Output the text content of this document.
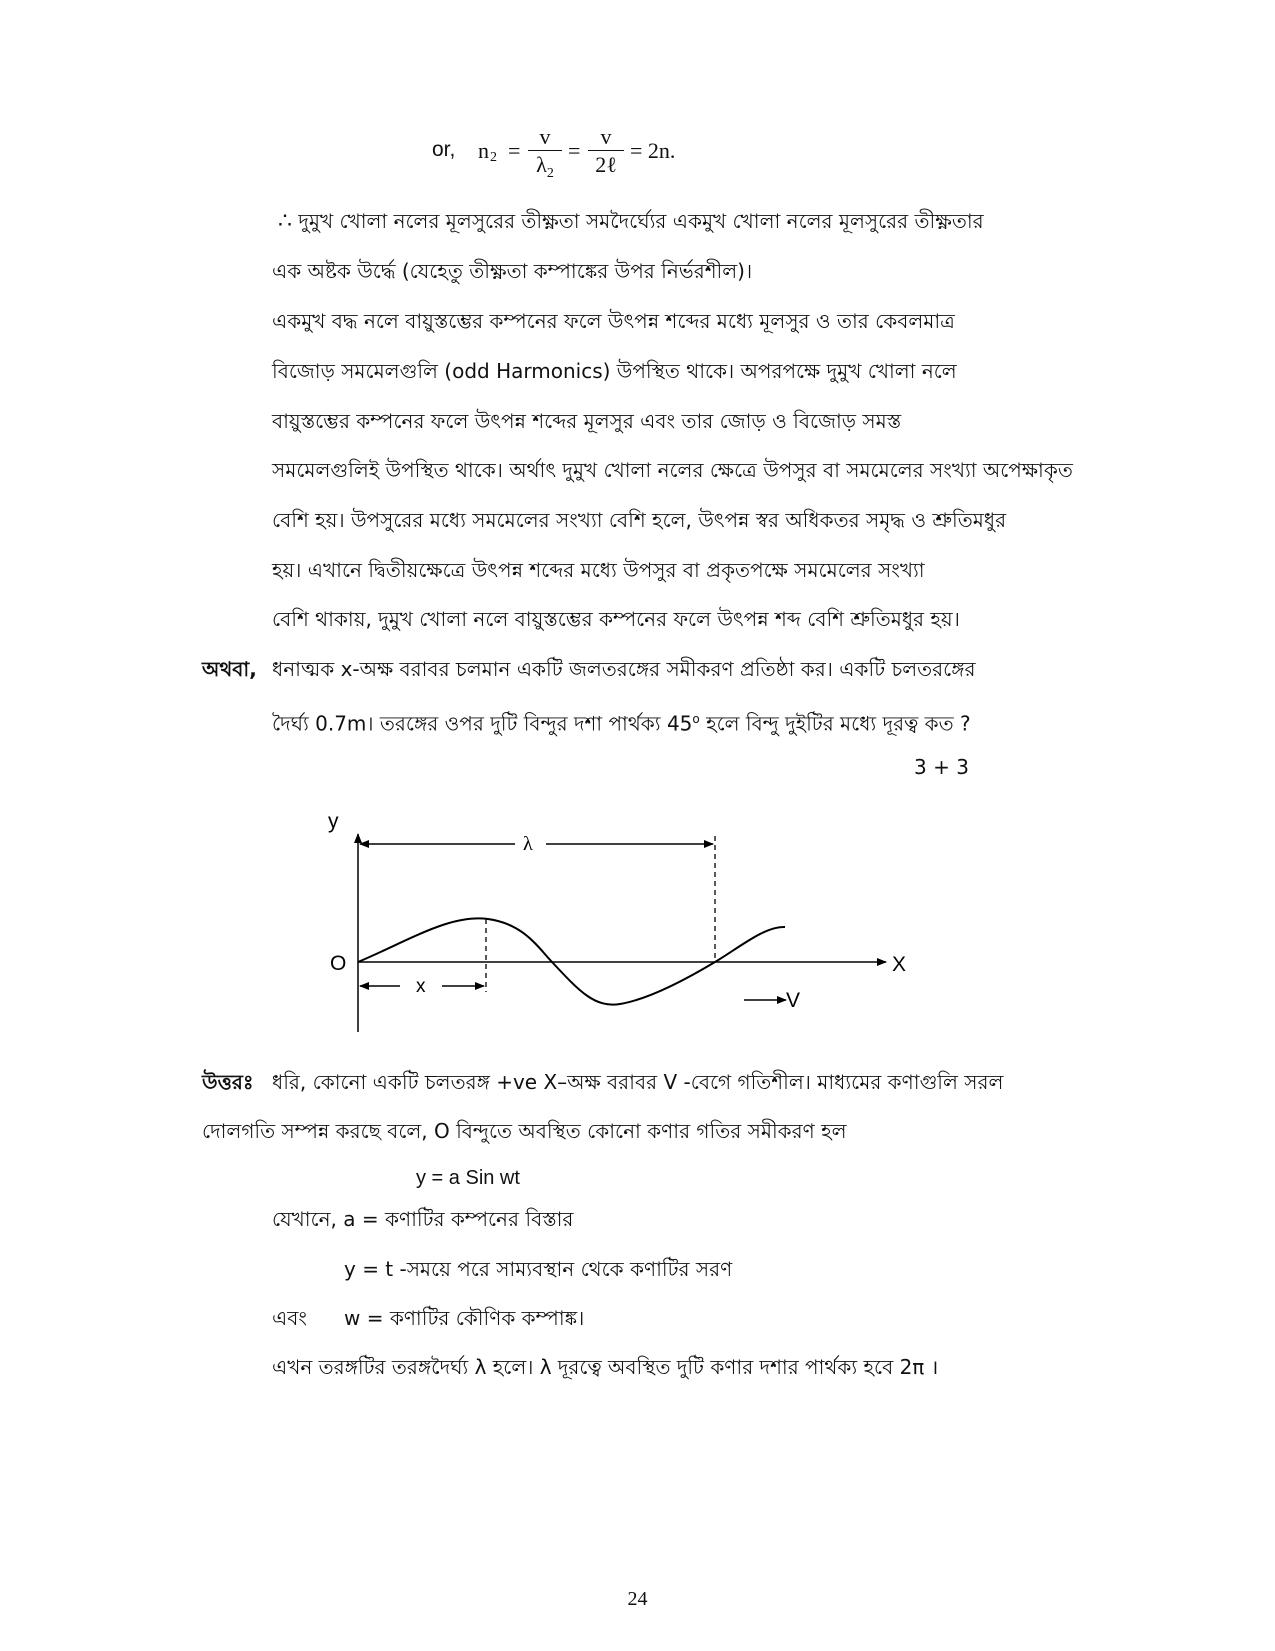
or, n $2 = \frac{v}{\lambda_2}$ =
v
2ℓ
= 2n.
∴ দুমুখ খোলা নলের মূলসুরের তীক্ষ্ণতা সমদৈর্ঘ্যের একমুখ খোলা নলের মূলসুরের তীক্ষ্ণতার
এক অষ্টক উর্দ্ধে (যেহেতু তীক্ষ্ণতা কম্পাঙ্কের উপর নির্ভরশীল)।
একমুখ বদ্ধ নলে বায়ুস্তম্ভের কম্পনের ফলে উৎপন্ন শব্দের মধ্যে মূলসুর ও তার কেবলমাত্র
বিজোড় সমমেলগুলি (odd Harmonics) উপস্থিত থাকে। অপরপক্ষে দুমুখ খোলা নলে
বায়ুস্তম্ভের কম্পনের ফলে উৎপন্ন শব্দের মূলসুর এবং তার জোড় ও বিজোড় সমস্ত
সমমেলগুলিই উপস্থিত থাকে। অর্থাৎ দুমুখ খোলা নলের ক্ষেত্রে উপসুর বা সমমেলের সংখ্যা অপেক্ষাকৃত
বেশি হয়। উপসুরের মধ্যে সমমেলের সংখ্যা বেশি হলে, উৎপন্ন স্বর অধিকতর সমৃদ্ধ ও শ্রুতিমধুর
হয়। এখানে দ্বিতীয়ক্ষেত্রে উৎপন্ন শব্দের মধ্যে উপসুর বা প্রকৃতপক্ষে সমমেলের সংখ্যা
বেশি থাকায়, দুমুখ খোলা নলে বায়ুস্তম্ভের কম্পনের ফলে উৎপন্ন শব্দ বেশি শ্রুতিমধুর হয়।
অথবা, ধনাত্মক x-অক্ষ বরাবর চলমান একটি জলতরঙ্গের সমীকরণ প্রতিষ্ঠা কর। একটি চলতরঙ্গের
দৈর্ঘ্য 0.7m। তরঙ্গের ওপর দুটি বিন্দুর দশা পার্থক্য 45$^o$ হলে বিন্দু দুইটির মধ্যে দূরত্ব কত ?
3 + 3
y
λ
O	X
x
V
উত্তরঃ ধরি, কোনো একটি চলতরঙ্গ +ve X–অক্ষ বরাবর V -বেগে গতিশীল। মাধ্যমের কণাগুলি সরল
দোলগতি সম্পন্ন করছে বলে, O বিন্দুতে অবস্থিত কোনো কণার গতির সমীকরণ হল
y = a Sin wt
যেখানে, a = কণাটির কম্পনের বিস্তার
y = t -সময়ে পরে সাম্যবস্থান থেকে কণাটির সরণ
এবং w = কণাটির কৌণিক কম্পাঙ্ক।
এখন তরঙ্গটির তরঙ্গদৈর্ঘ্য λ হলে। λ দূরত্বে অবস্থিত দুটি কণার দশার পার্থক্য হবে 2π ।
24
